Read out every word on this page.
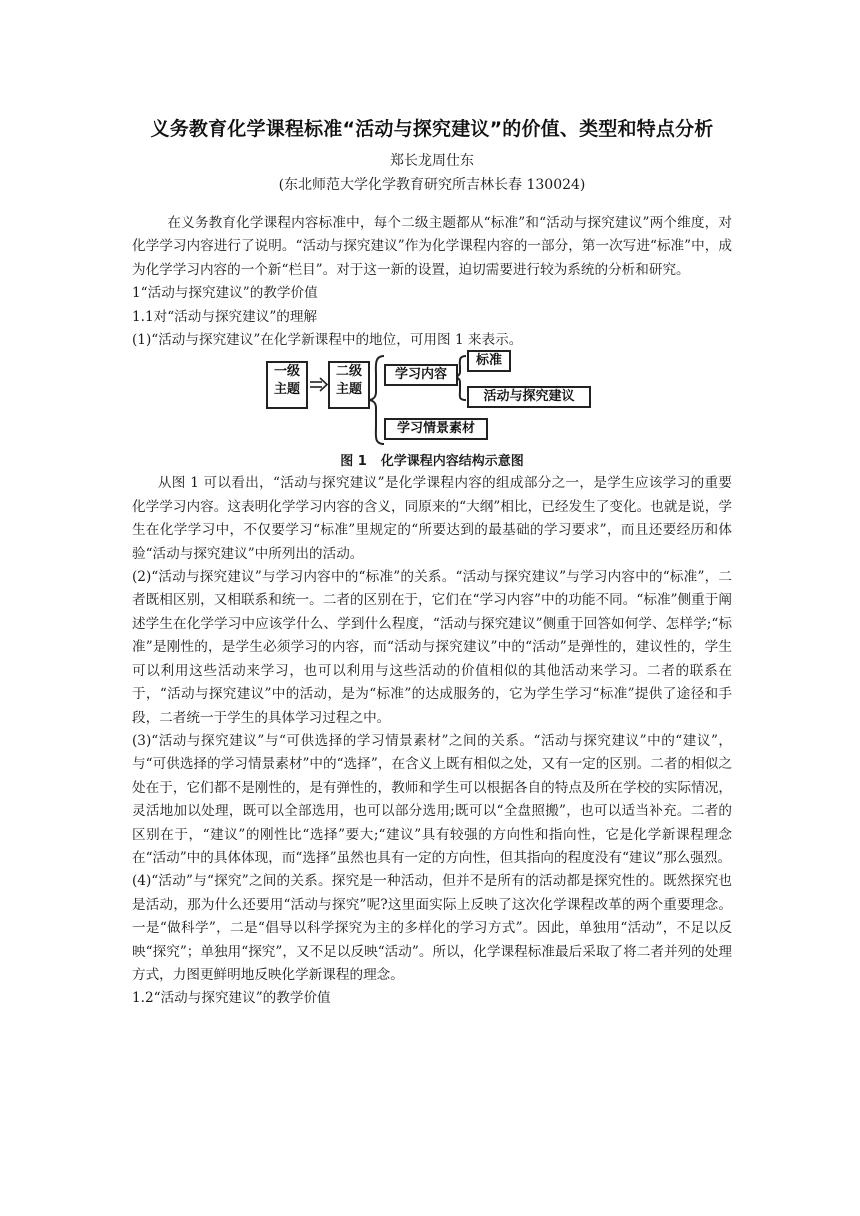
义务教育化学课程标准“活动与探究建议”的价值、类型和特点分析
郑长龙周仕东
(东北师范大学化学教育研究所吉林长春 130024)

在义务教育化学课程内容标准中，每个二级主题都从“标准”和“活动与探究建议”两个维度，对化学学习内容进行了说明。“活动与探究建议”作为化学课程内容的一部分，第一次写进“标准”中，成为化学学习内容的一个新“栏目”。对于这一新的设置，迫切需要进行较为系统的分析和研究。

1“活动与探究建议”的教学价值

1.1对“活动与探究建议”的理解

(1)“活动与探究建议”在化学新课程中的地位，可用图 1 来表示。

一级
主题
二级
主题
学习内容
标准
活动与探究建议
学习情景素材
图 1 化学课程内容结构示意图

从图 1 可以看出，“活动与探究建议”是化学课程内容的组成部分之一，是学生应该学习的重要化学学习内容。这表明化学学习内容的含义，同原来的“大纲”相比，已经发生了变化。也就是说，学生在化学学习中，不仅要学习“标准”里规定的“所要达到的最基础的学习要求”，而且还要经历和体验“活动与探究建议”中所列出的活动。

(2)“活动与探究建议”与学习内容中的“标准”的关系。“活动与探究建议”与学习内容中的“标准”，二者既相区别，又相联系和统一。二者的区别在于，它们在“学习内容”中的功能不同。“标准”侧重于阐述学生在化学学习中应该学什么、学到什么程度，“活动与探究建议”侧重于回答如何学、怎样学;“标准”是刚性的，是学生必须学习的内容，而“活动与探究建议”中的“活动”是弹性的，建议性的，学生可以利用这些活动来学习，也可以利用与这些活动的价值相似的其他活动来学习。二者的联系在于，“活动与探究建议”中的活动，是为“标准”的达成服务的，它为学生学习“标准”提供了途径和手段，二者统一于学生的具体学习过程之中。

(3)“活动与探究建议”与“可供选择的学习情景素材”之间的关系。“活动与探究建议”中的“建议”，与“可供选择的学习情景素材”中的“选择”，在含义上既有相似之处，又有一定的区别。二者的相似之处在于，它们都不是刚性的，是有弹性的，教师和学生可以根据各自的特点及所在学校的实际情况，灵活地加以处理，既可以全部选用，也可以部分选用;既可以“全盘照搬”，也可以适当补充。二者的区别在于，“建议”的刚性比“选择”要大;“建议”具有较强的方向性和指向性，它是化学新课程理念在“活动”中的具体体现，而“选择”虽然也具有一定的方向性，但其指向的程度没有“建议”那么强烈。

(4)“活动”与“探究”之间的关系。探究是一种活动，但并不是所有的活动都是探究性的。既然探究也是活动，那为什么还要用“活动与探究”呢?这里面实际上反映了这次化学课程改革的两个重要理念。一是“做科学”，二是“倡导以科学探究为主的多样化的学习方式”。因此，单独用“活动”，不足以反映“探究”；单独用“探究”，又不足以反映“活动”。所以，化学课程标准最后采取了将二者并列的处理方式，力图更鲜明地反映化学新课程的理念。

1.2“活动与探究建议”的教学价值
